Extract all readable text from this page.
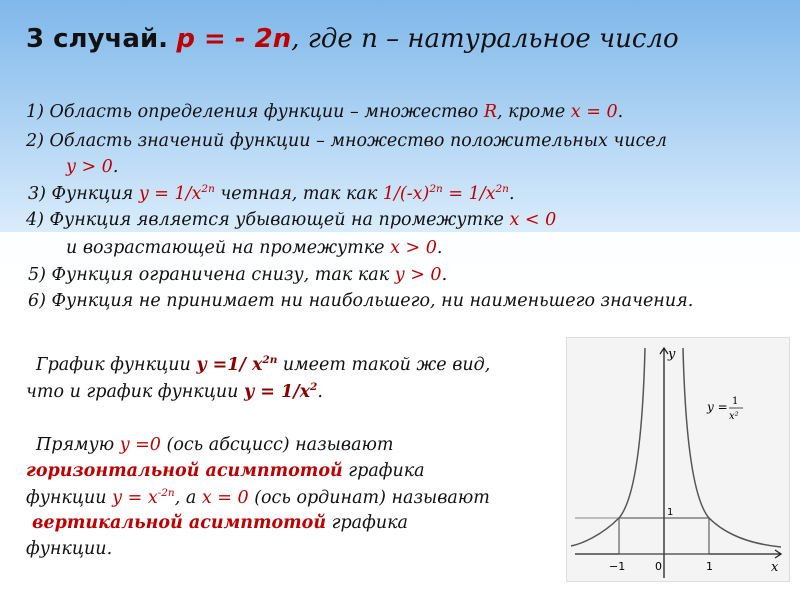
3 случай. p = - 2n, где n – натуральное число
1) Область определения функции – множество R, кроме x = 0.
2) Область значений функции – множество положительных чисел
y > 0.
3) Функция $y = 1/x^{2n}$ четная, так как $1/(-x)^{2n} = 1/x^{2n}$.
4) Функция является убывающей на промежутке x < 0
и возрастающей на промежутке x > 0.
5) Функция ограничена снизу, так как y > 0.
6) Функция не принимает ни наибольшего, ни наименьшего значения.
График функции y =1/ $x^{2n}$ имеет такой же вид,
что и график функции $y = 1/x^2$.
Прямую y =0 (ось абсцисс) называют
горизонтальной асимптотой графика
функции $y = x^{-2n}$, а x = 0 (ось ординат) называют
вертикальной асимптотой графика
функции.
y
x
y = 1
x²
−1	0	1
1
